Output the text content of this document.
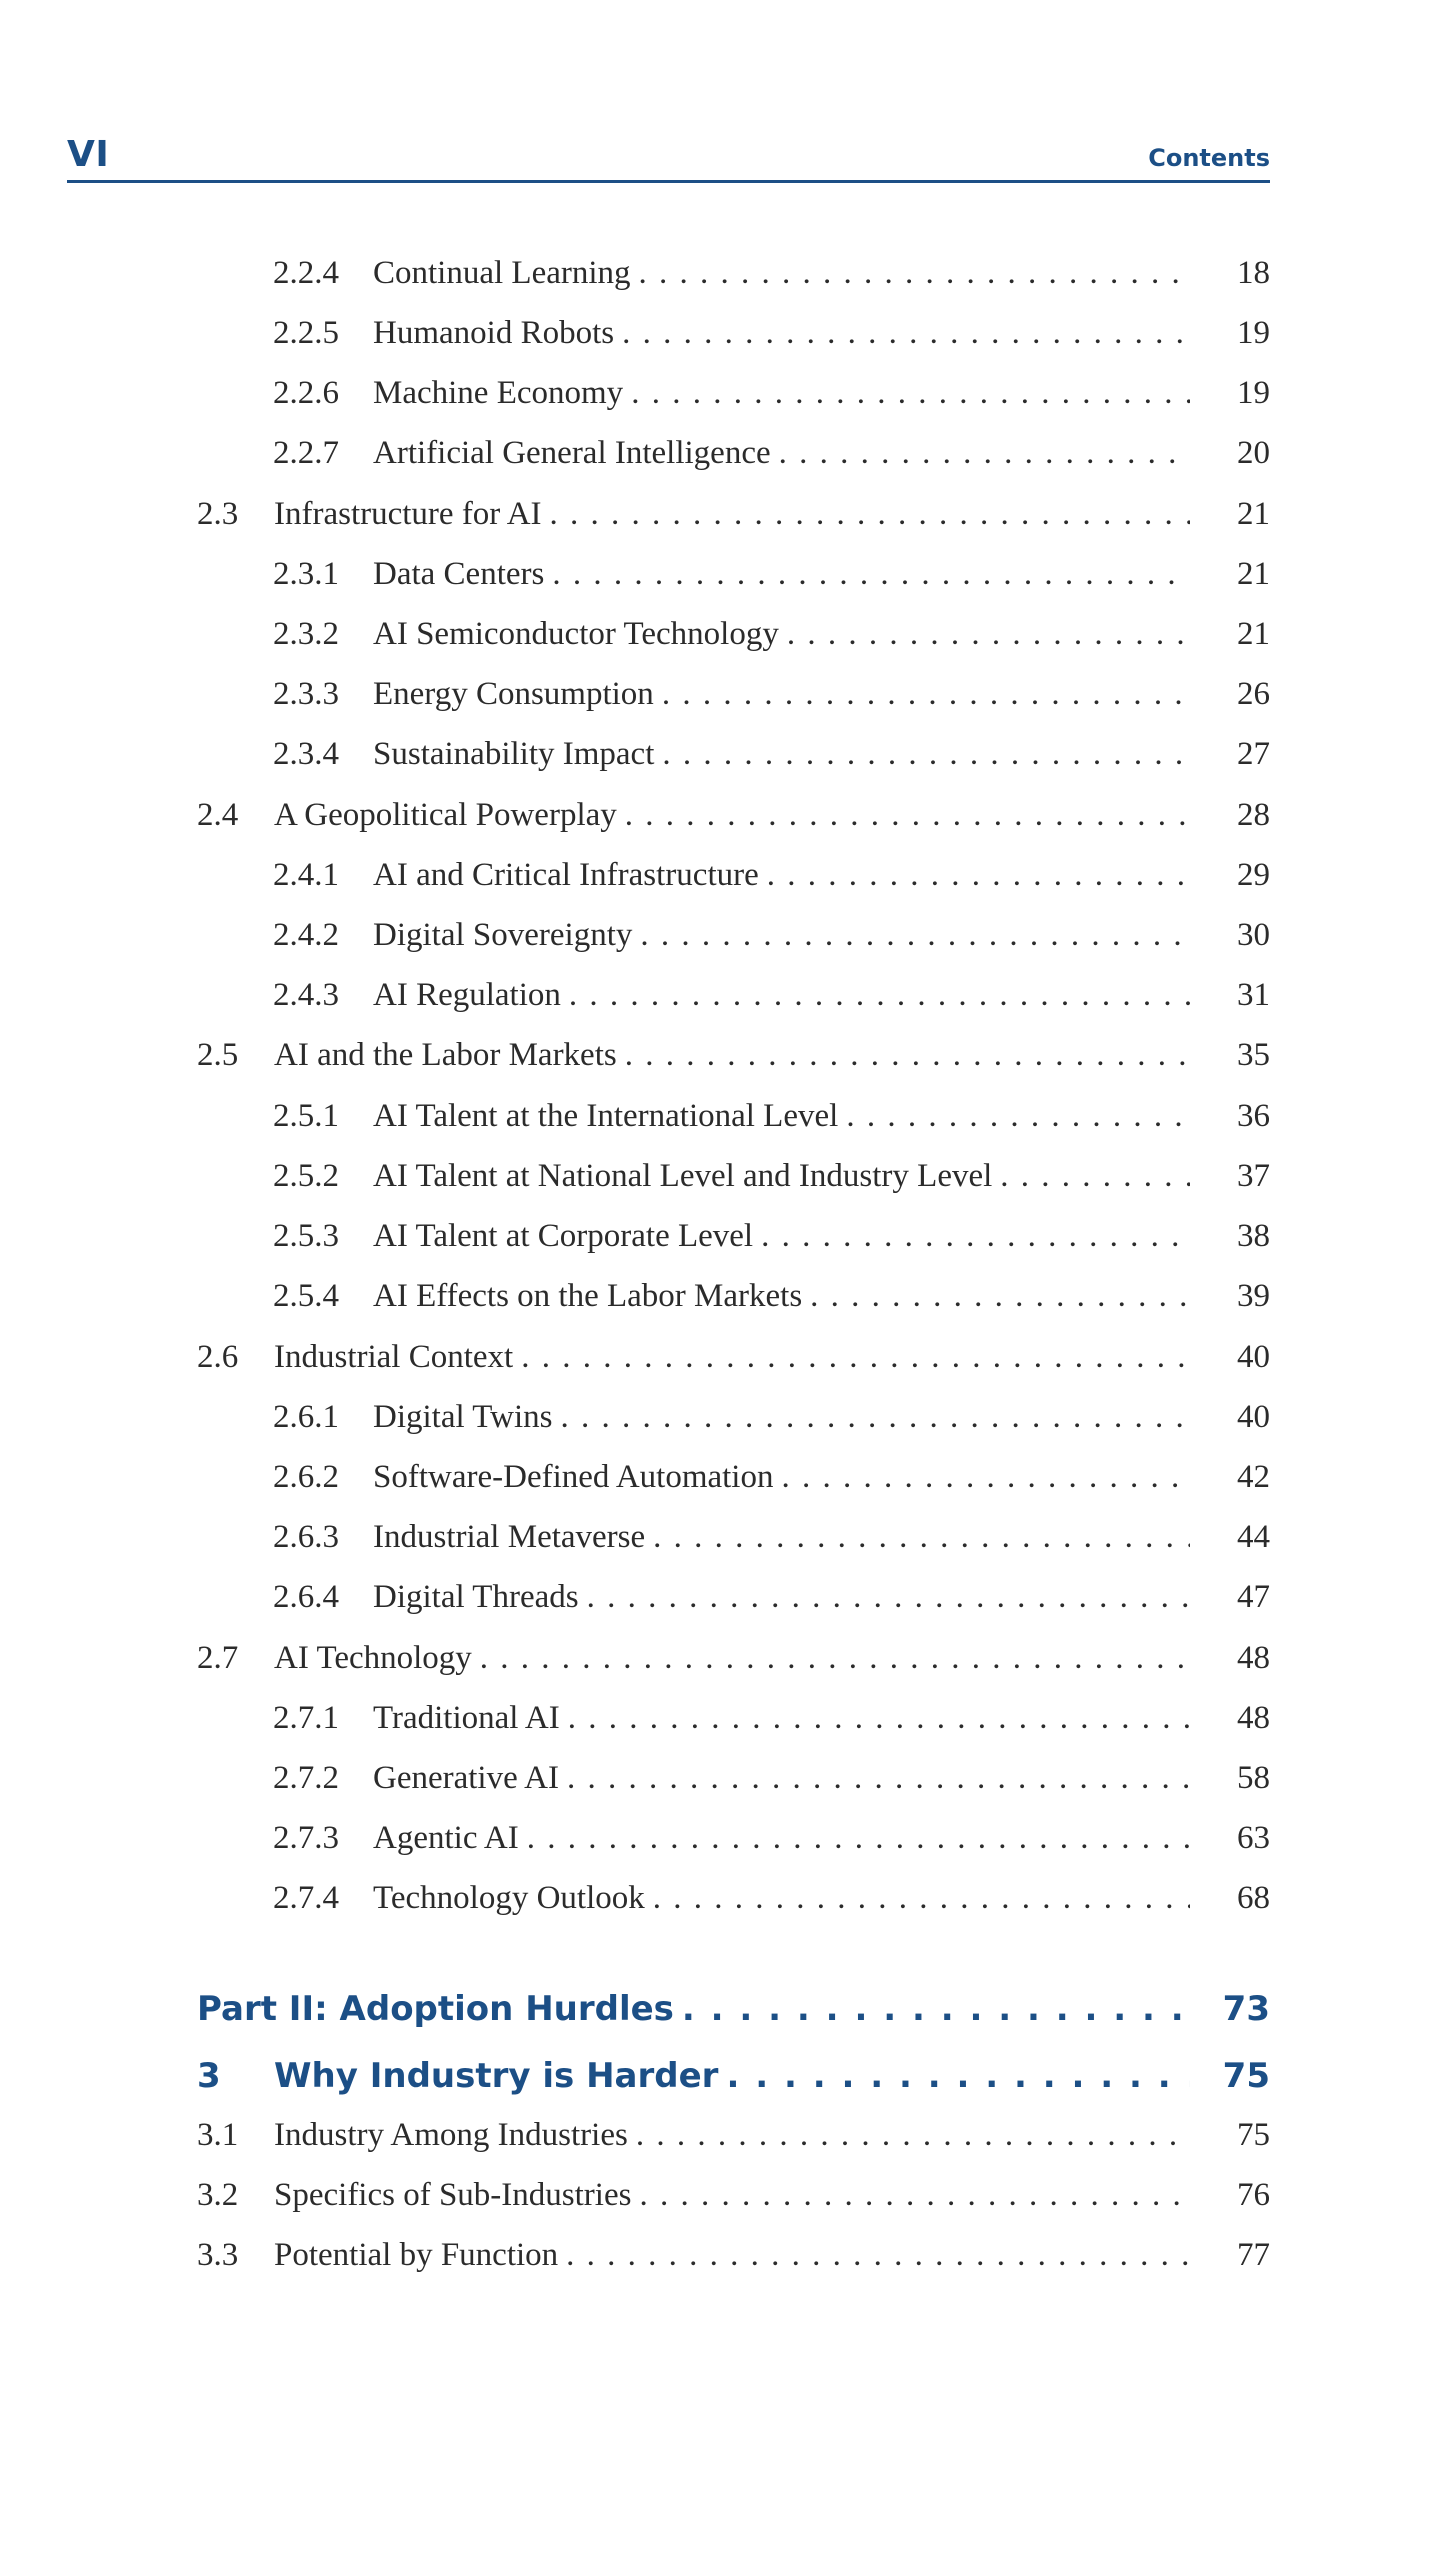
VI	Contents
2.2.4 Continual Learning . . .	18
2.2.5 Humanoid Robots . . .	19
2.2.6 Machine Economy . . .	19
2.2.7 Artificial General Intelligence . . .	20
2.3 Infrastructure for AI . . .	21
2.3.1 Data Centers . . .	21
2.3.2 AI Semiconductor Technology . . .	21
2.3.3 Energy Consumption . . .	26
2.3.4 Sustainability Impact . . .	27
2.4 A Geopolitical Powerplay . . .	28
2.4.1 AI and Critical Infrastructure . . .	29
2.4.2 Digital Sovereignty . . .	30
2.4.3 AI Regulation . . .	31
2.5 AI and the Labor Markets . . .	35
2.5.1 AI Talent at the International Level . . .	36
2.5.2 AI Talent at National Level and Industry Level . . .	37
2.5.3 AI Talent at Corporate Level . . .	38
2.5.4 AI Effects on the Labor Markets . . .	39
2.6 Industrial Context . . .	40
2.6.1 Digital Twins . . .	40
2.6.2 Software-Defined Automation . . .	42
2.6.3 Industrial Metaverse . . .	44
2.6.4 Digital Threads . . .	47
2.7 AI Technology . . .	48
2.7.1 Traditional AI . . .	48
2.7.2 Generative AI . . .	58
2.7.3 Agentic AI . . .	63
2.7.4 Technology Outlook . . .	68
Part II: Adoption Hurdles . . .	73
3 Why Industry is Harder . . .	75
3.1 Industry Among Industries . . .	75
3.2 Specifics of Sub-Industries . . .	76
3.3 Potential by Function . . .	77
